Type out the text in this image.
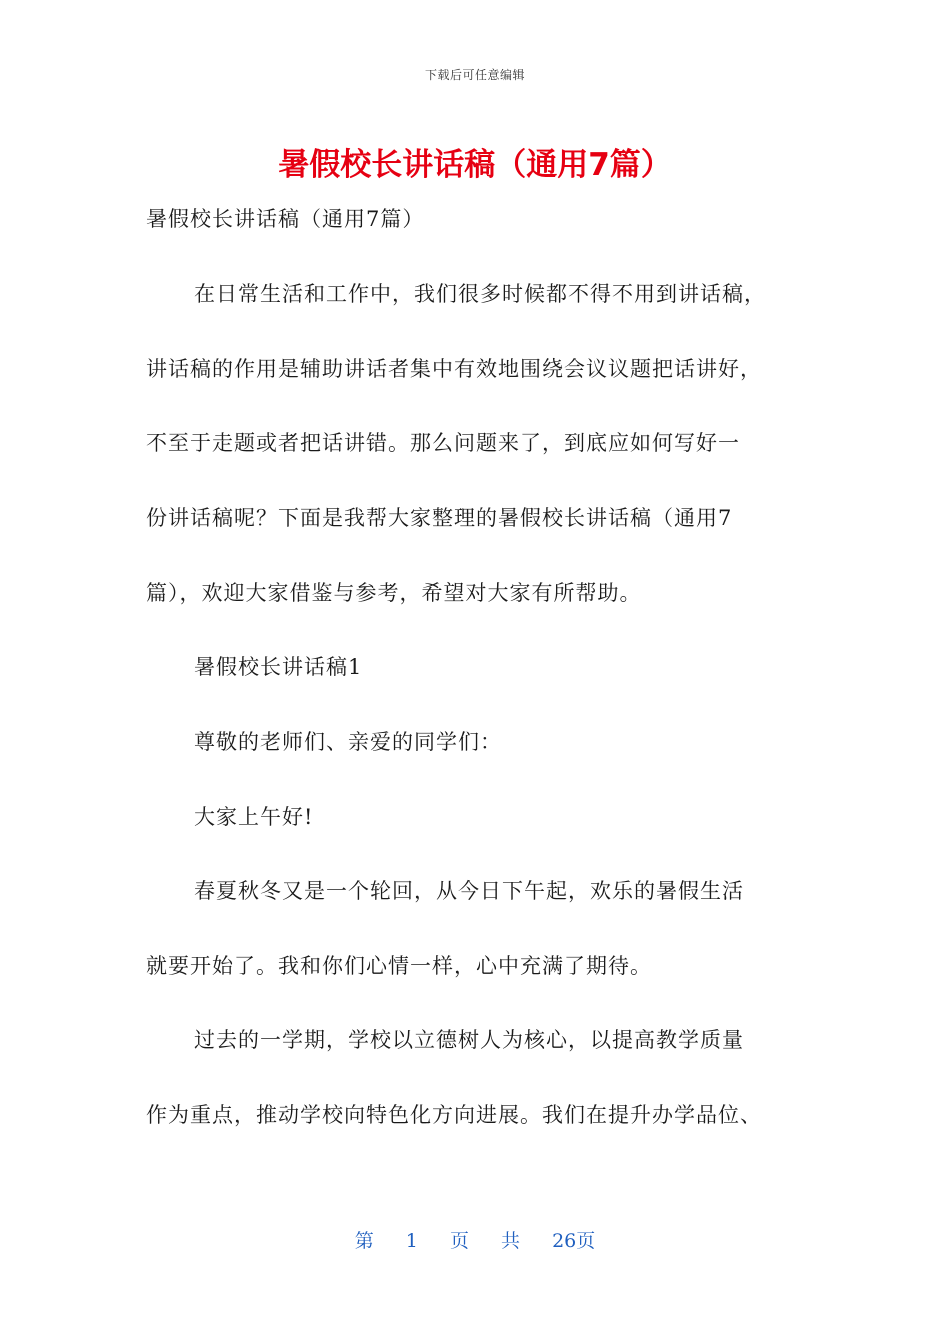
下载后可任意编辑
暑假校长讲话稿（通用7篇）
暑假校长讲话稿（通用7篇）
在日常生活和工作中，我们很多时候都不得不用到讲话稿，
讲话稿的作用是辅助讲话者集中有效地围绕会议议题把话讲好，
不至于走题或者把话讲错。那么问题来了，到底应如何写好一
份讲话稿呢？下面是我帮大家整理的暑假校长讲话稿（通用7
篇），欢迎大家借鉴与参考，希望对大家有所帮助。
暑假校长讲话稿1
尊敬的老师们、亲爱的同学们：
大家上午好!
春夏秋冬又是一个轮回，从今日下午起，欢乐的暑假生活
就要开始了。我和你们心情一样，心中充满了期待。
过去的一学期，学校以立德树人为核心，以提高教学质量
作为重点，推动学校向特色化方向进展。我们在提升办学品位、
第 1 页 共 26页
